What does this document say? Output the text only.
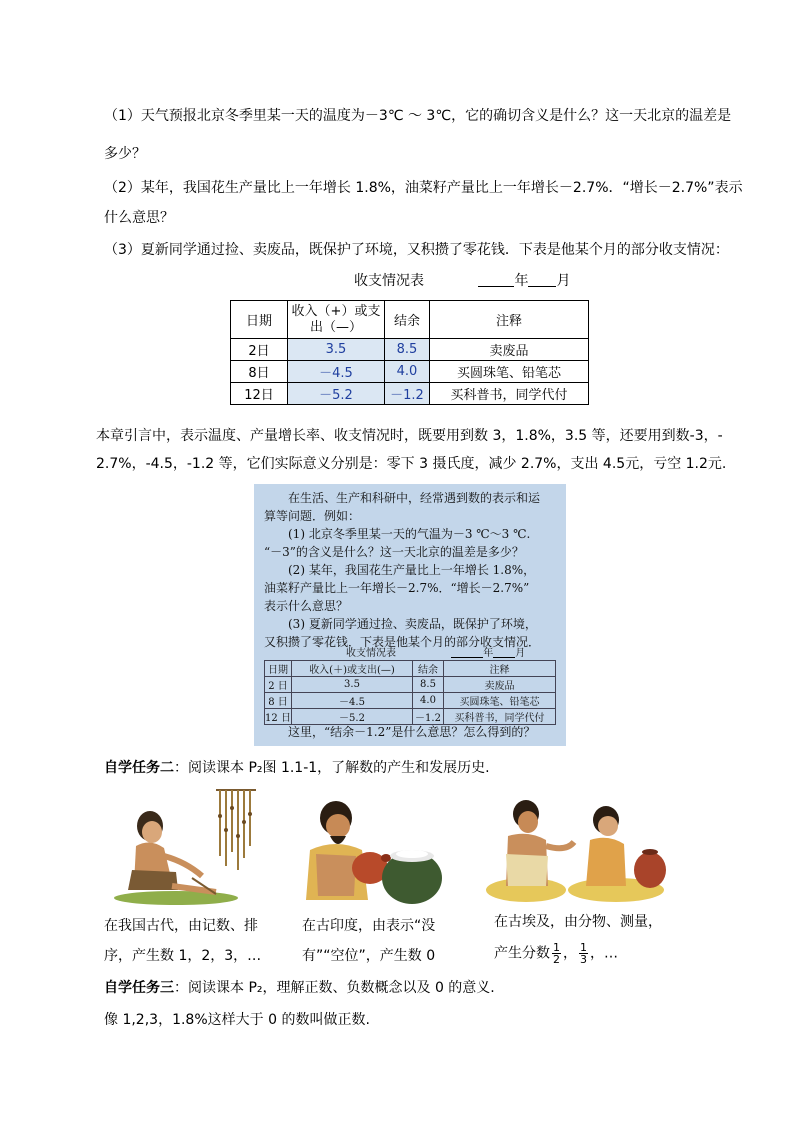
（1）天气预报北京冬季里某一天的温度为－3℃ ～ 3℃，它的确切含义是什么？这一天北京的温差是
多少？
（2）某年，我国花生产量比上一年增长 1.8%，油菜籽产量比上一年增长－2.7%．“增长－2.7%”表示
什么意思？
（3）夏新同学通过捡、卖废品，既保护了环境，又积攒了零花钱．下表是他某个月的部分收支情况：
收支情况表	年 月
日期	收入（+）或支出（—）	结余	注释
2日	3.5	8.5	卖废品
8日	－4.5	4.0	买圆珠笔、铅笔芯
12日	－5.2	－1.2	买科普书，同学代付
本章引言中，表示温度、产量增长率、收支情况时，既要用到数 3，1.8%，3.5 等，还要用到数-3，-
2.7%，-4.5，-1.2 等，它们实际意义分别是：零下 3 摄氏度，减少 2.7%，支出 4.5元，亏空 1.2元.
在生活、生产和科研中，经常遇到数的表示和运
算等问题．例如：
(1) 北京冬季里某一天的气温为－3 ℃～3 ℃.
“－3”的含义是什么？这一天北京的温差是多少？
(2) 某年，我国花生产量比上一年增长 1.8%，
油菜籽产量比上一年增长－2.7%．“增长－2.7%”
表示什么意思？
(3) 夏新同学通过捡、卖废品，既保护了环境，
又积攒了零花钱．下表是他某个月的部分收支情况．
收支情况表	年 月
日期	收入(＋)或支出(—)	结余	注释
2 日	3.5	8.5	卖废品
8 日	－4.5	4.0	买圆珠笔、铅笔芯
12 日	－5.2	－1.2	买科普书，同学代付
这里，“结余－1.2”是什么意思？怎么得到的？
自学任务二：阅读课本 P₂图 1.1-1，了解数的产生和发展历史.
在我国古代，由记数、排
序，产生数 1，2，3，…
在古印度，由表示“没
有”“空位”，产生数 0
在古埃及，由分物、测量，
产生分数 $\frac{1}{2}$ ， $\frac{1}{3}$ ，…
自学任务三：阅读课本 P₂，理解正数、负数概念以及 0 的意义.
像 1,2,3，1.8%这样大于 0 的数叫做正数.
